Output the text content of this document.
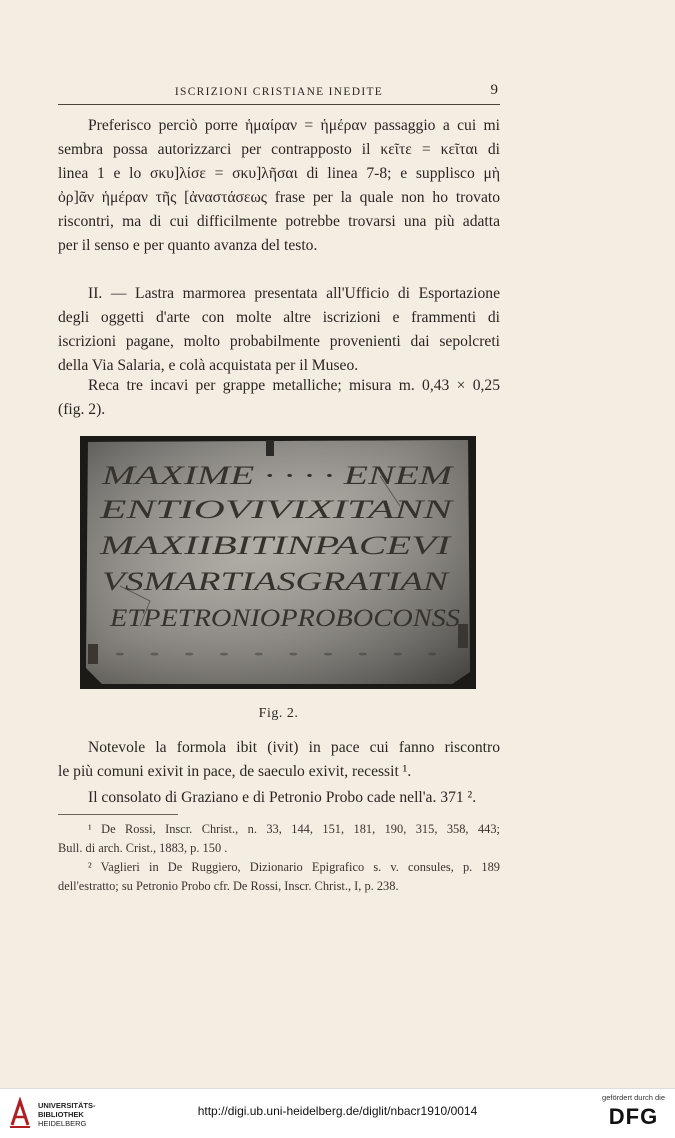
ISCRIZIONI CRISTIANE INEDITE	9
Preferisco perciò porre ἡμαίραν = ἡμέραν passaggio a cui mi
sembra possa autorizzarci per contrapposto il κεῖτε = κεῖται di
linea 1 e lo σκυ]λίσε = σκυ]λῆσαι di linea 7-8; e supplisco μὴ
ὀρ]ᾶν ἡμέραν τῆς [ἀναστάσεως frase per la quale non ho trovato
riscontri, ma di cui difficilmente potrebbe trovarsi una più adatta
per il senso e per quanto avanza del testo.
II. — Lastra marmorea presentata all'Ufficio di Esportazione
degli oggetti d'arte con molte altre iscrizioni e frammenti di
iscrizioni pagane, molto probabilmente provenienti dai sepolcreti
della Via Salaria, e colà acquistata per il Museo.
Reca tre incavi per grappe metalliche; misura m. 0,43 × 0,25
(fig. 2).
MAXIME · · · · ENEM
ENTIOVIVIXITANN
MAXIIBITINPACEVI
VSMARTIASGRATIAN
ETPETRONIOPROBOCONSS
· · · · · · · · · ·
Fig. 2.
Notevole la formola ibit (ivit) in pace cui fanno riscontro
le più comuni exivit in pace, de saeculo exivit, recessit ¹.
Il consolato di Graziano e di Petronio Probo cade nell'a. 371 ².
¹ De Rossi, Inscr. Christ., n. 33, 144, 151, 181, 190, 315, 358, 443;
Bull. di arch. Crist., 1883, p. 150 .
² Vaglieri in De Ruggiero, Dizionario Epigrafico s. v. consules, p. 189
dell'estratto; su Petronio Probo cfr. De Rossi, Inscr. Christ., I, p. 238.
UNIVERSITÄTS-
BIBLIOTHEK
HEIDELBERG
http://digi.ub.uni-heidelberg.de/diglit/nbacr1910/0014
gefördert durch die
DFG
